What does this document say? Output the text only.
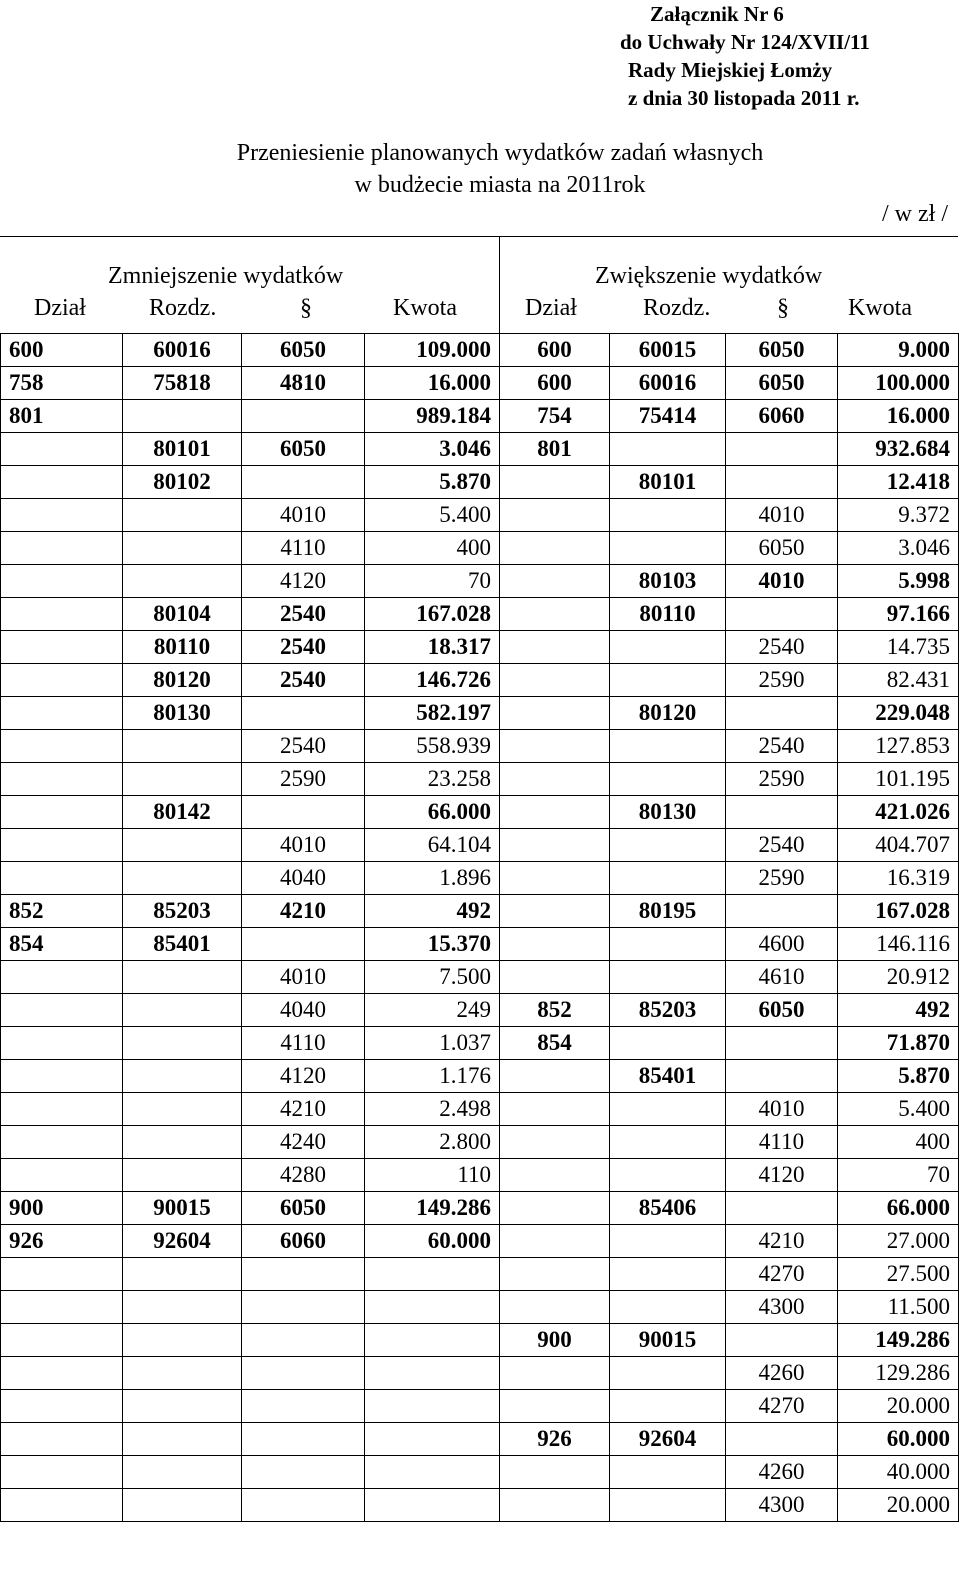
Załącznik Nr 6
do Uchwały Nr 124/XVII/11
Rady Miejskiej Łomży
z dnia 30 listopada 2011 r.
Przeniesienie planowanych wydatków zadań własnych
w budżecie miasta na 2011rok
/ w zł /
Zmniejszenie wydatków	Zwiększenie wydatków
Dział	Rozdz.	§	Kwota	Dział	Rozdz.	§ Kwota
600	60016	6050	109.000	600	60015	6050	9.000
758	75818	4810	16.000	600	60016	6050	100.000
801			989.184	754	75414	6060	16.000
	80101	6050	3.046	801			932.684
	80102		5.870		80101		12.418
		4010	5.400			4010	9.372
		4110	400			6050	3.046
		4120	70		80103	4010	5.998
	80104	2540	167.028		80110		97.166
	80110	2540	18.317			2540	14.735
	80120	2540	146.726			2590	82.431
	80130		582.197		80120		229.048
		2540	558.939			2540	127.853
		2590	23.258			2590	101.195
	80142		66.000		80130		421.026
		4010	64.104			2540	404.707
		4040	1.896			2590	16.319
852	85203	4210	492		80195		167.028
854	85401		15.370			4600	146.116
		4010	7.500			4610	20.912
		4040	249	852	85203	6050	492
		4110	1.037	854			71.870
		4120	1.176		85401		5.870
		4210	2.498			4010	5.400
		4240	2.800			4110	400
		4280	110			4120	70
900	90015	6050	149.286		85406		66.000
926	92604	6060	60.000			4210	27.000
						4270	27.500
						4300	11.500
				900	90015		149.286
						4260	129.286
						4270	20.000
				926	92604		60.000
						4260	40.000
						4300	20.000
